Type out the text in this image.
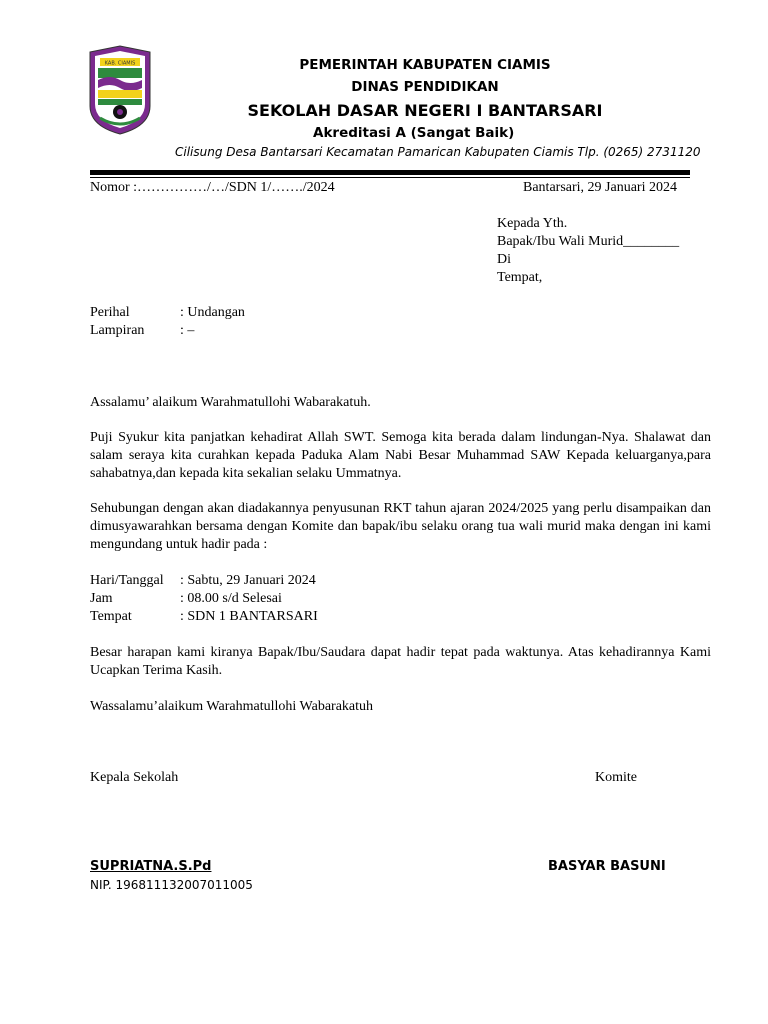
KAB. CIAMIS	PEMERINTAH KABUPATEN CIAMIS
DINAS PENDIDIKAN
SEKOLAH DASAR NEGERI I BANTARSARI
Akreditasi A (Sangat Baik)
Cilisung Desa Bantarsari Kecamatan Pamarican Kabupaten Ciamis Tlp. (0265) 2731120
Nomor :……………/…/SDN 1/……./2024	Bantarsari, 29 Januari 2024
Kepada Yth.
Bapak/Ibu Wali Murid________
Di
Tempat,
Perihal	: Undangan
Lampiran	: –
Assalamu’ alaikum Warahmatullohi Wabarakatuh.
Puji Syukur kita panjatkan kehadirat Allah SWT. Semoga kita berada dalam lindungan-Nya. Shalawat dan salam seraya kita curahkan kepada Paduka Alam Nabi Besar Muhammad SAW Kepada keluarganya,para sahabatnya,dan kepada kita sekalian selaku Ummatnya.
Sehubungan dengan akan diadakannya penyusunan RKT tahun ajaran 2024/2025 yang perlu disampaikan dan dimusyawarahkan bersama dengan Komite dan bapak/ibu selaku orang tua wali murid maka dengan ini kami mengundang untuk hadir pada :
Hari/Tanggal : Sabtu, 29 Januari 2024
Jam	: 08.00 s/d Selesai
Tempat	: SDN 1 BANTARSARI
Besar harapan kami kiranya Bapak/Ibu/Saudara dapat hadir tepat pada waktunya. Atas kehadirannya Kami Ucapkan Terima Kasih.
Wassalamu’alaikum Warahmatullohi Wabarakatuh
Kepala Sekolah	Komite
SUPRIATNA.S.Pd
NIP. 196811132007011005
BASYAR BASUNI
